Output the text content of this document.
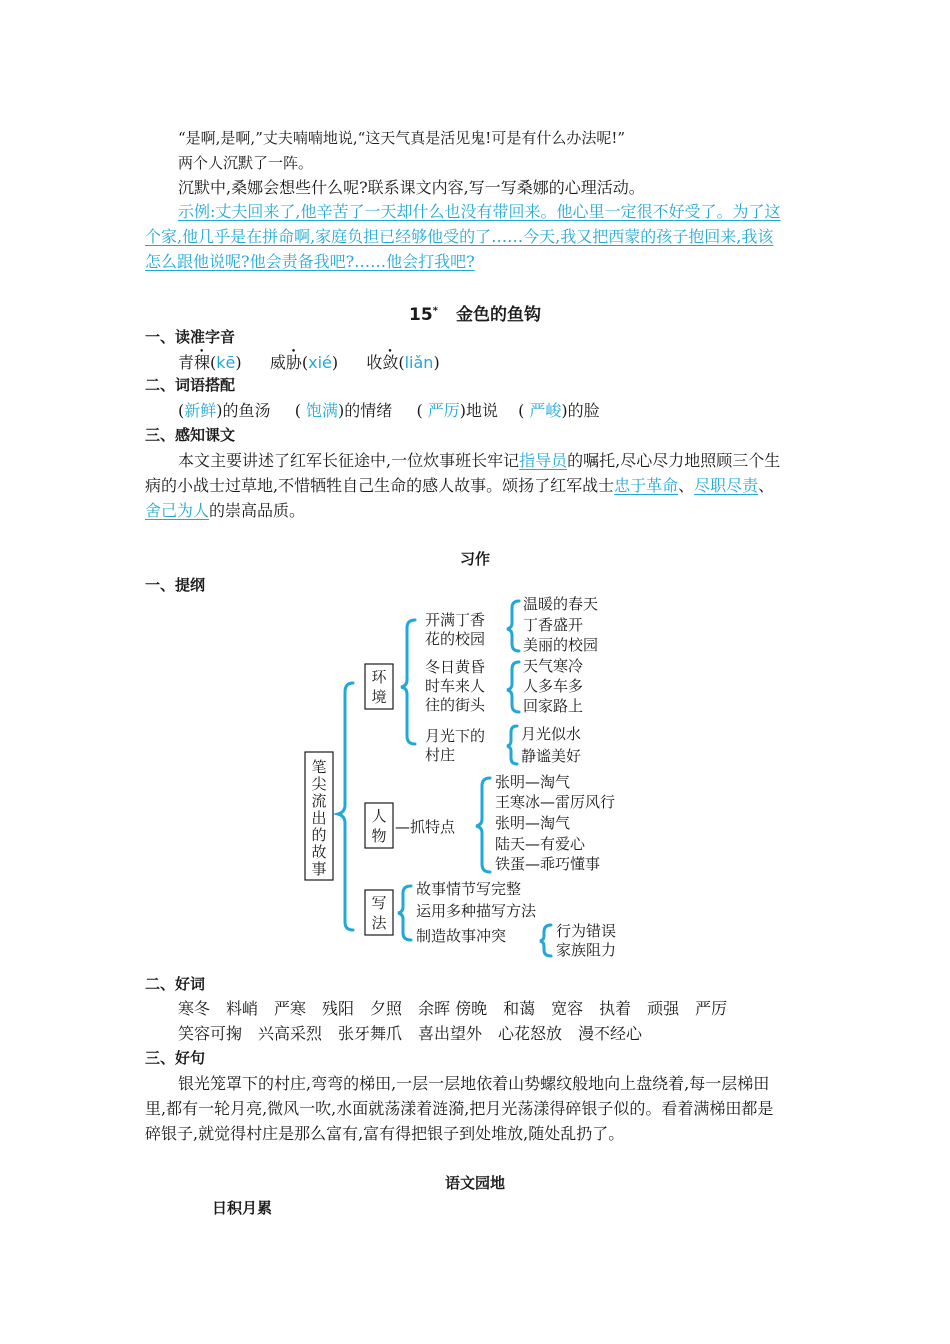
“是啊,是啊,”丈夫喃喃地说,“这天气真是活见鬼!可是有什么办法呢!”
两个人沉默了一阵。
沉默中,桑娜会想些什么呢?联系课文内容,写一写桑娜的心理活动。
示例:丈夫回来了,他辛苦了一天却什么也没有带回来。他心里一定很不好受了。为了这
个家,他几乎是在拼命啊,家庭负担已经够他受的了……今天,我又把西蒙的孩子抱回来,我该
怎么跟他说呢?他会责备我吧?……他会打我吧?
15* 金色的鱼钩
一、读准字音
青稞(kē) 威胁(xié) 收敛(liǎn)
二、词语搭配
(新鲜)的鱼汤 ( 饱满)的情绪 ( 严厉)地说 ( 严峻)的脸
三、感知课文
本文主要讲述了红军长征途中,一位炊事班长牢记指导员的嘱托,尽心尽力地照顾三个生
病的小战士过草地,不惜牺牲自己生命的感人故事。颂扬了红军战士忠于革命、尽职尽责、
舍己为人的崇高品质。
习作
一、提纲
笔
尖
流
出
的
故
事
环
境
开满丁香
花的校园
温暖的春天
丁香盛开
美丽的校园
冬日黄昏
时车来人
往的街头
天气寒冷
人多车多
回家路上
月光下的
村庄
月光似水
静谧美好
人
物 —抓特点
张明—淘气
王寒冰—雷厉风行
张明—淘气
陆天—有爱心
铁蛋—乖巧懂事
写
法
故事情节写完整
运用多种描写方法
制造故事冲突	行为错误
家族阻力
二、好词
寒冬　料峭　严寒　残阳　夕照　余晖 傍晚　和蔼　宽容　执着　顽强　严厉
笑容可掬　兴高采烈　张牙舞爪　喜出望外　心花怒放　漫不经心
三、好句
银光笼罩下的村庄,弯弯的梯田,一层一层地依着山势螺纹般地向上盘绕着,每一层梯田
里,都有一轮月亮,微风一吹,水面就荡漾着涟漪,把月光荡漾得碎银子似的。看着满梯田都是
碎银子,就觉得村庄是那么富有,富有得把银子到处堆放,随处乱扔了。
语文园地
日积月累
